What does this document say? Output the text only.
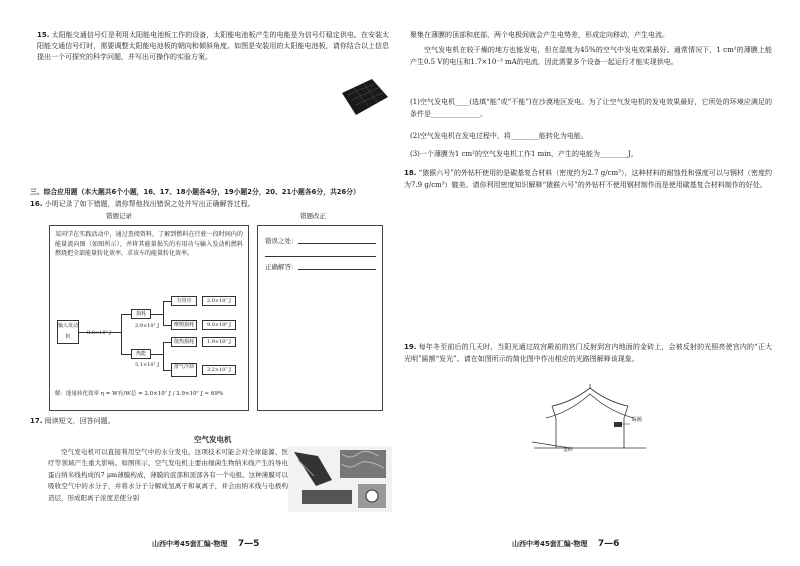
15. 太阳能交通信号灯是利用太阳能电池板工作的设备，太阳能电池板产生的电能是为信号灯稳定供电。在安装太阳能交通信号灯时，需要调整太阳能电池板的朝向和倾斜角度。如图是安装用的太阳能电池板，请你结合以上信息提出一个可探究的科学问题，并写出可操作的实验方案。
三、综合应用题（本大题共6个小题，16、17、18小题各4分，19小题2分，20、21小题各6分，共26分）
16. 小明记录了如下错题，请你帮他找出错误之处并写出正确解答过程。
错题记录	错题改正
某同学在实践活动中，通过查阅资料，了解到燃料在行驶一段时间内的能量流向图（如图所示），并将其能量损失的有用功与输入发动机燃料燃烧把全部能量转化效率，求该车的能量转化效率。
输入发动机
8.0×10⁷ J
损耗
2.9×10⁷ J
热能
5.1×10⁷ J
有用功	2.0×10⁷ J
摩擦损耗	9.0×10⁶ J
散热损耗	1.9×10⁷ J
排气冷却	3.2×10⁷ J
解：能量转化效率 η = W有/W总 = 2.0×10⁷ J / 2.9×10⁷ J ≈ 69%
错误之处：
正确解答：
17. 阅读短文，回答问题。
空气发电机
空气发电机可以直接利用空气中的水分发电，这项技术可能会对全球能源、医疗等领域产生重大影响。如图所示，空气发电机主要由细菌生物纳米线产生的导电蛋白纳米线构成的7 μm薄膜构成，薄膜的底部和顶部各有一个电极。这种薄膜可以吸收空气中的水分子，并将水分子分解成氢离子和氧离子，并会由纳米线与电极构造层，形成阳离子浓度差使分别
山西中考45套汇编·物理 7—5
聚集在薄膜的顶部和底部，两个电极间就会产生电势差，形成定向移动，产生电流。
空气发电机在较干燥的地方也能发电，但在湿度为45%的空气中发电效果最好。通常情况下，1 cm²的薄膜上能产生0.5 V的电压和1.7×10⁻³ mA的电流，因此需要多个设备一起运行才能实现供电。
(1)空气发电机____(选填“能”或“不能”)在沙漠地区发电。为了让空气发电机的发电效果最好，它所处的环境应满足的条件是______________。
(2)空气发电机在发电过程中，将________能转化为电能。
(3)一个薄膜为1 cm²的空气发电机工作1 min，产生的电能为________J。
18. “猿猴六号”的外钻杆使用的是碳基复合材料（密度约为2.7 g/cm³），这种材料的耐蚀性和强度可以与钢材（密度约为7.9 g/cm³）媲美。请你利用密度知识解释“猿猴六号”的外钻杆不使用钢材制作而是使用碳基复合材料制作的好处。
19. 每年冬至前后的几天时，当阳光通过故宫殿前的宫门反射到宫内地面的金砖上，会被反射的光照亮使宫内的“正大光明”匾额“发光”。请在如图所示的简化图中作出相应的光路图解释该现象。
匾额
金砖
山西中考45套汇编·物理 7—6
